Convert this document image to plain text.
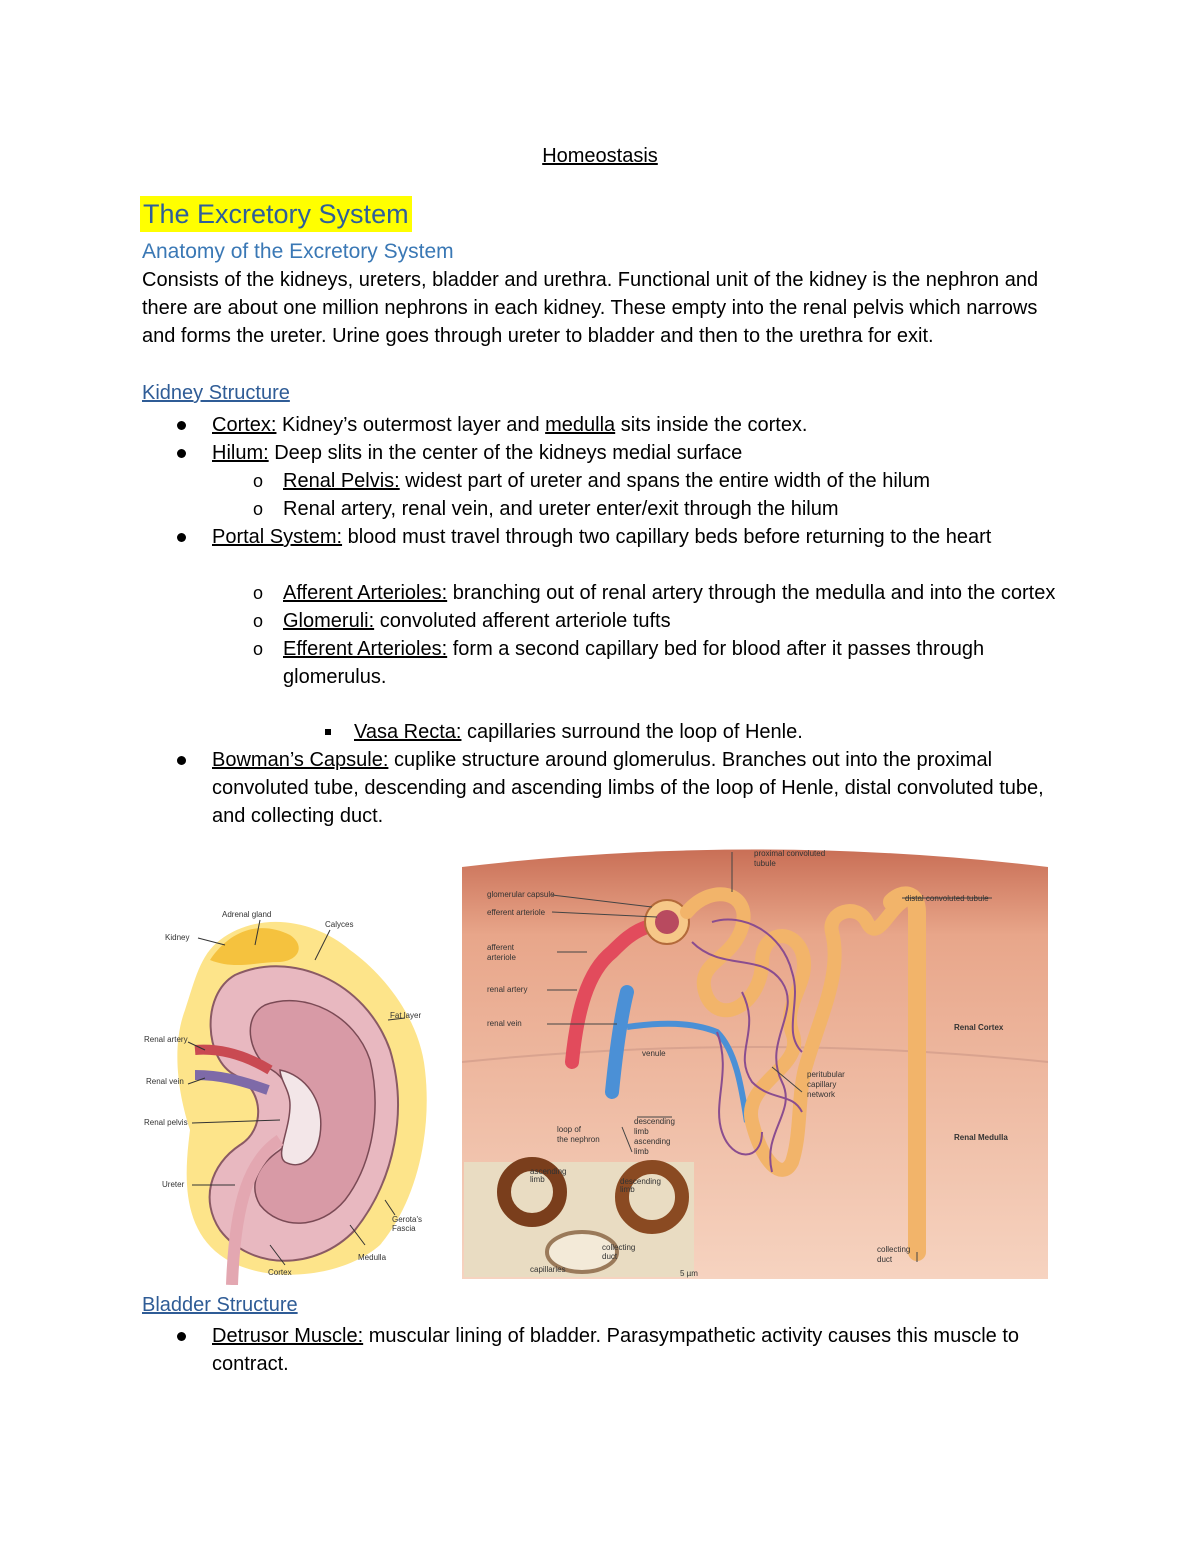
Homeostasis
The Excretory System
Anatomy of the Excretory System
Consists of the kidneys, ureters, bladder and urethra. Functional unit of the kidney is the nephron and there are about one million nephrons in each kidney. These empty into the renal pelvis which narrows and forms the ureter. Urine goes through ureter to bladder and then to the urethra for exit.
Kidney Structure
Cortex: Kidney’s outermost layer and medulla sits inside the cortex.
Hilum: Deep slits in the center of the kidneys medial surface
o Renal Pelvis: widest part of ureter and spans the entire width of the hilum
o Renal artery, renal vein, and ureter enter/exit through the hilum
Portal System: blood must travel through two capillary beds before returning to the heart
o Afferent Arterioles: branching out of renal artery through the medulla and into the cortex
o Glomeruli: convoluted afferent arteriole tufts
o Efferent Arterioles: form a second capillary bed for blood after it passes through glomerulus.
Vasa Recta: capillaries surround the loop of Henle.
Bowman’s Capsule: cuplike structure around glomerulus. Branches out into the proximal convoluted tube, descending and ascending limbs of the loop of Henle, distal convoluted tube, and collecting duct.
Adrenal gland
Calyces
Kidney
Fat layer
Renal artery
Renal vein
Renal pelvis
Ureter
Gerota's
Fascia
Medulla
Cortex
proximal convoluted
tubule
glomerular capsule
efferent arteriole
afferent
arteriole
renal artery
renal vein
venule
distal convoluted tubule
Renal Cortex
Renal Medulla
peritubular
capillary
network
loop of
the nephron
descending
limb
ascending
limb
ascending
limb	descending
limb
collecting
duct
capillaries	5 µm
collecting
duct
Bladder Structure
Detrusor Muscle: muscular lining of bladder. Parasympathetic activity causes this muscle to contract.
